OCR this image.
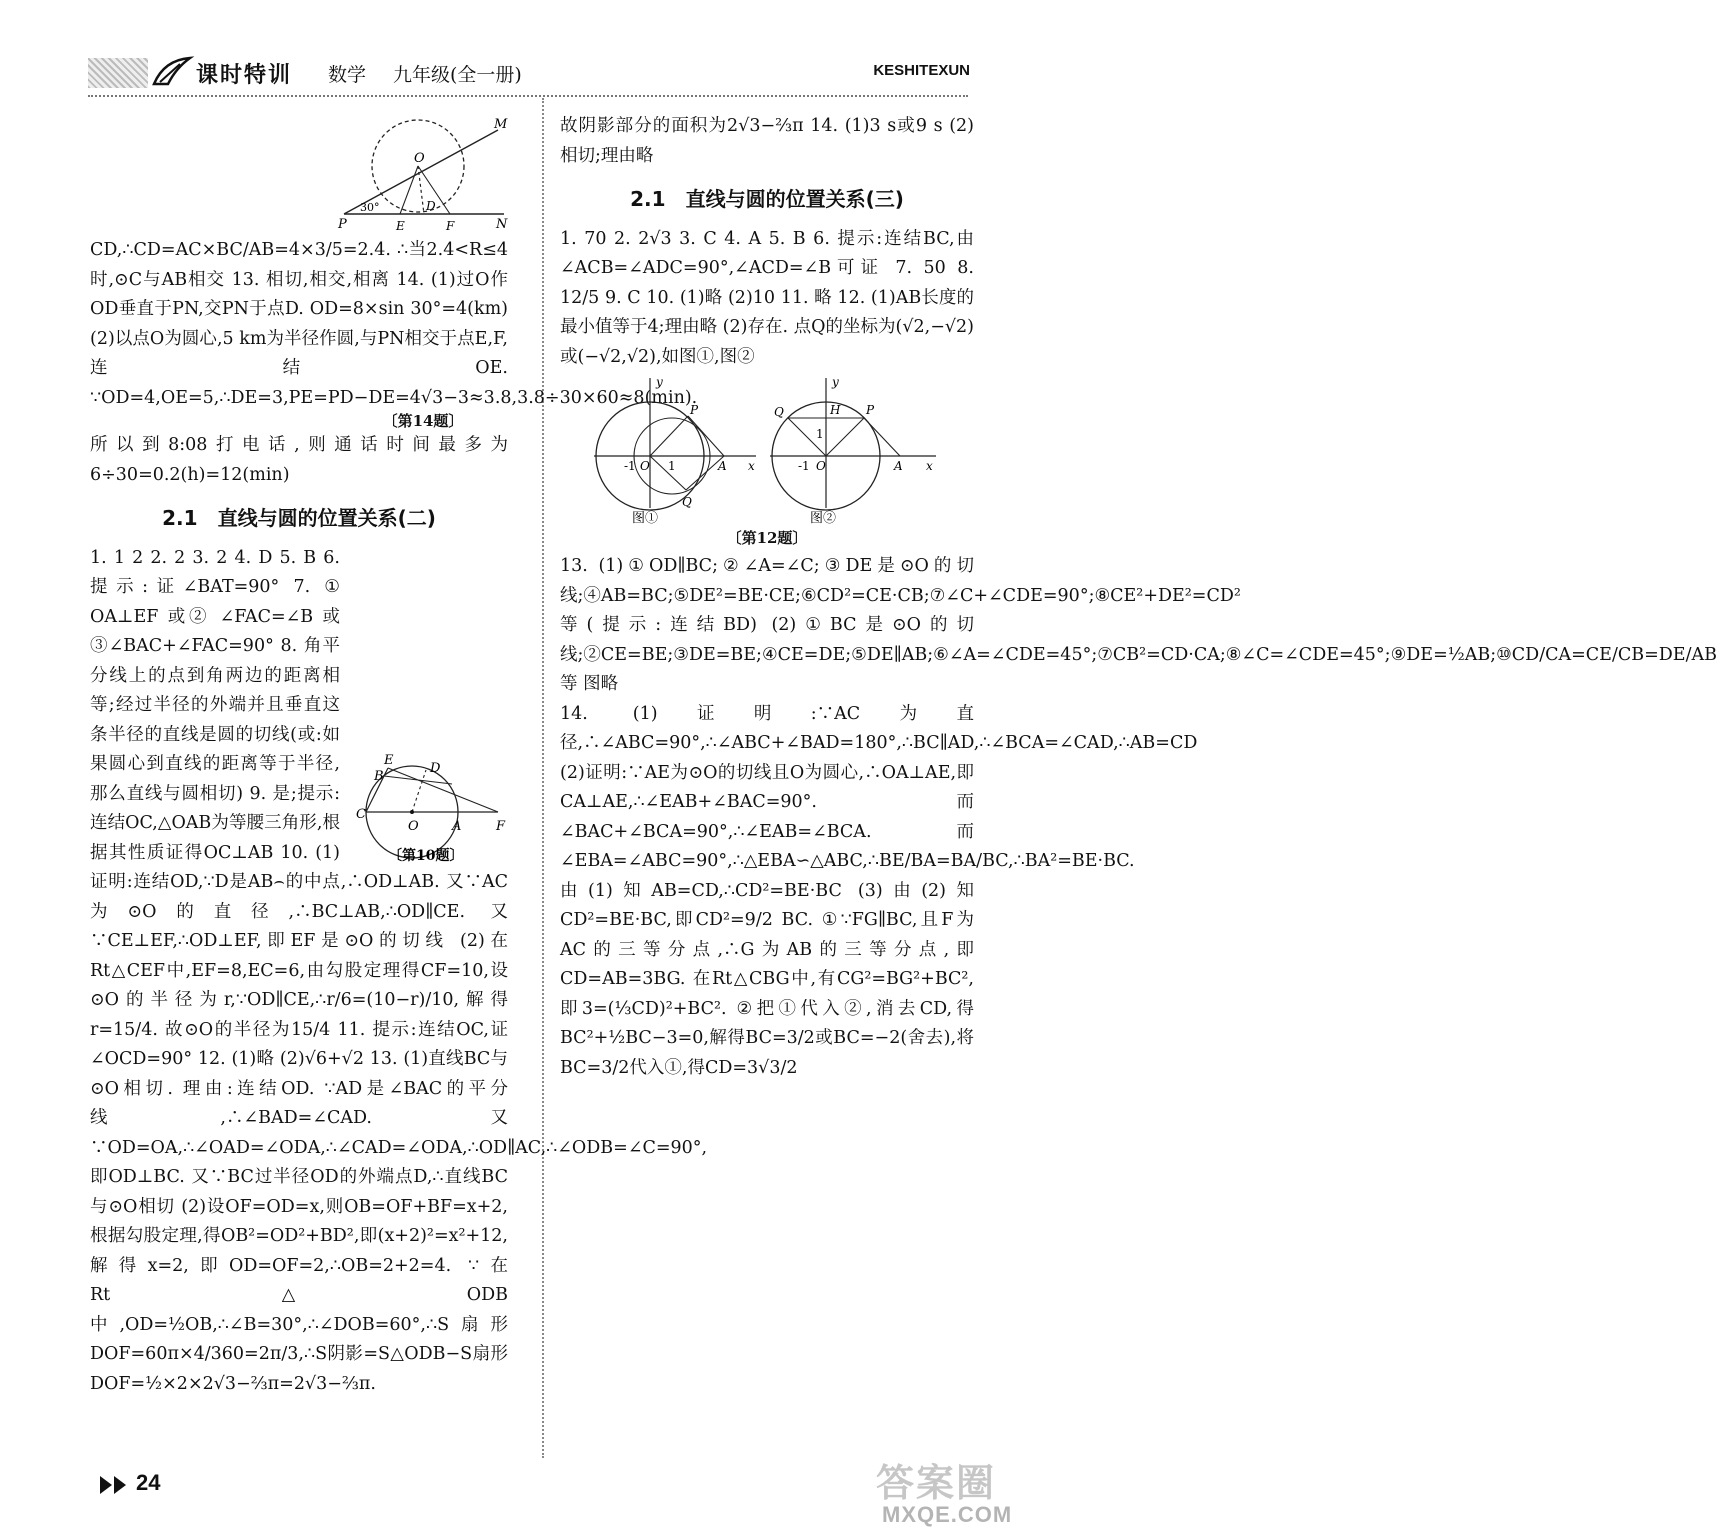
课时特训 数学 九年级(全一册)	KESHITEXUN
O
M
P
30°	D
E	F	N

CD,∴CD=AC×BC/AB=4×3/5=2.4. ∴当2.4<R≤4时,⊙C与AB相交 13. 相切,相交,相离 14. (1)过O作OD垂直于PN,交PN于点D. OD=8×sin 30°=4(km) (2)以点O为圆心,5 km为半径作圆,与PN相交于点E,F,连结OE. ∵OD=4,OE=5,∴DE=3,PE=PD−DE=4√3−3≈3.8,3.8÷30×60≈8(min).

〔第14题〕

所以到8:08打电话,则通话时间最多为6÷30=0.2(h)=12(min)

2.1　直线与圆的位置关系(二)
E
B
D
C
O	A	F
〔第10题〕

1. 1 2 2. 2 3. 2 4. D 5. B 6. 提示:证∠BAT=90° 7. ① OA⊥EF 或② ∠FAC=∠B 或③∠BAC+∠FAC=90° 8. 角平分线上的点到角两边的距离相等;经过半径的外端并且垂直这条半径的直线是圆的切线(或:如果圆心到直线的距离等于半径,那么直线与圆相切) 9. 是;提示:连结OC,△OAB为等腰三角形,根据其性质证得OC⊥AB 10. (1)证明:连结OD,∵D是AB⌢的中点,∴OD⊥AB. 又∵AC为⊙O的直径,∴BC⊥AB,∴OD∥CE. 又∵CE⊥EF,∴OD⊥EF,即EF是⊙O的切线 (2)在Rt△CEF中,EF=8,EC=6,由勾股定理得CF=10,设⊙O的半径为r,∵OD∥CE,∴r/6=(10−r)/10,解得r=15/4. 故⊙O的半径为15/4 11. 提示:连结OC,证∠OCD=90° 12. (1)略 (2)√6+√2 13. (1)直线BC与⊙O相切. 理由:连结OD. ∵AD是∠BAC的平分线,∴∠BAD=∠CAD. 又∵OD=OA,∴∠OAD=∠ODA,∴∠CAD=∠ODA,∴OD∥AC,∴∠ODB=∠C=90°,即OD⊥BC. 又∵BC过半径OD的外端点D,∴直线BC与⊙O相切 (2)设OF=OD=x,则OB=OF+BF=x+2,根据勾股定理,得OB²=OD²+BD²,即(x+2)²=x²+12,解得x=2,即OD=OF=2,∴OB=2+2=4. ∵在Rt△ODB中,OD=½OB,∴∠B=30°,∴∠DOB=60°,∴S扇形DOF=60π×4/360=2π/3,∴S阴影=S△ODB−S扇形DOF=½×2×2√3−⅔π=2√3−⅔π.

故阴影部分的面积为2√3−⅔π 14. (1)3 s或9 s (2)相切;理由略

2.1　直线与圆的位置关系(三)

1. 70 2. 2√3 3. C 4. A 5. B 6. 提示:连结BC,由∠ACB=∠ADC=90°,∠ACD=∠B可证 7. 50 8. 12/5 9. C 10. (1)略 (2)10 11. 略 12. (1)AB长度的最小值等于4;理由略 (2)存在. 点Q的坐标为(√2,−√2)或(−√2,√2),如图①,图②

y
P
-1 O 1	A x
Q
图①
y
Q	H P
1
-1 O	A x
图②
〔第12题〕

13. (1)①OD∥BC;②∠A=∠C;③DE是⊙O的切线;④AB=BC;⑤DE²=BE·CE;⑥CD²=CE·CB;⑦∠C+∠CDE=90°;⑧CE²+DE²=CD²等(提示:连结BD) (2)①BC是⊙O的切线;②CE=BE;③DE=BE;④CE=DE;⑤DE∥AB;⑥∠A=∠CDE=45°;⑦CB²=CD·CA;⑧∠C=∠CDE=45°;⑨DE=½AB;⑩CD/CA=CE/CB=DE/AB等 图略

14. (1)证明:∵AC为直径,∴∠ABC=90°,∴∠ABC+∠BAD=180°,∴BC∥AD,∴∠BCA=∠CAD,∴AB=CD (2)证明:∵AE为⊙O的切线且O为圆心,∴OA⊥AE,即CA⊥AE,∴∠EAB+∠BAC=90°. 而∠BAC+∠BCA=90°,∴∠EAB=∠BCA. 而∠EBA=∠ABC=90°,∴△EBA∽△ABC,∴BE/BA=BA/BC,∴BA²=BE·BC. 由(1)知AB=CD,∴CD²=BE·BC (3)由(2)知CD²=BE·BC,即CD²=9/2 BC. ①∵FG∥BC,且F为AC的三等分点,∴G为AB的三等分点,即CD=AB=3BG. 在Rt△CBG中,有CG²=BG²+BC²,即3=(⅓CD)²+BC². ②把①代入②,消去CD,得BC²+½BC−3=0,解得BC=3/2或BC=−2(舍去),将BC=3/2代入①,得CD=3√3/2

24	答案圈
MXQE.COM
